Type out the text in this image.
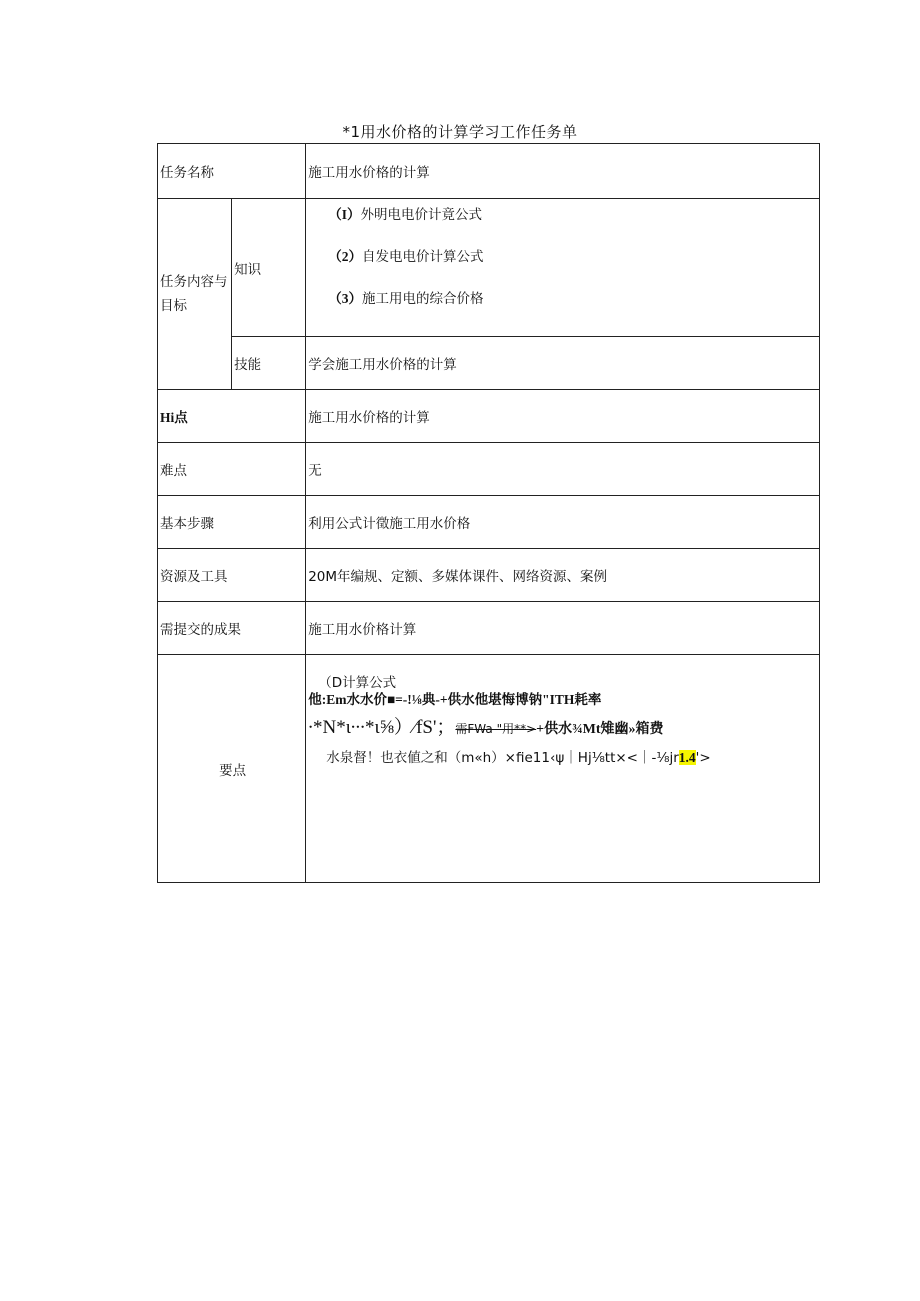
*1用水价格的计算学习工作任务单
任务名称		施工用水价格的计算

任务内容与目标	知识	（I）外明电电价计竟公式
（2）自发电电价计算公式
（3）施工用电的综合价格

	技能	学会施工用水价格的计算
Hi点		施工用水价格的计算
难点		无
基本步骤		利用公式计徵施工用水价格
资源及工具		20M年编规、定额、多媒体课件、网络资源、案例
需提交的成果		施工用水价格计算
要点		（D计算公式
他:Em水水价■=-!⅛典-+供水他堪悔博钠"ITH耗率
∙*N*ι∙∙∙*ι⅝）∕fS'；需FWa "用**>+供水¾Mt雉幽»箱费
水泉督！也衣値之和（m«h）×fie11‹ψ｜Hj⅛tt×<｜-⅛jr1.4'>
